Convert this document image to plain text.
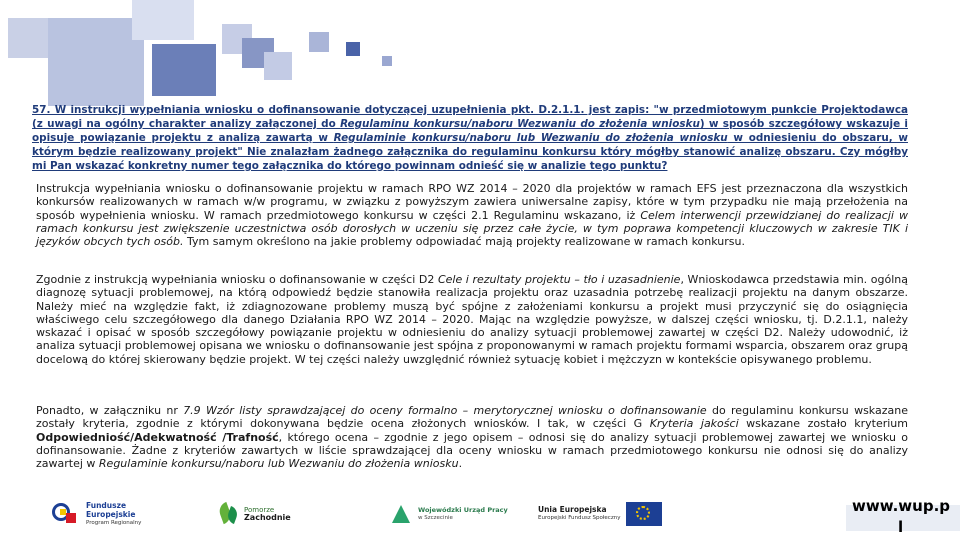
57. W instrukcji wypełniania wniosku o dofinansowanie dotyczącej uzupełnienia pkt. D.2.1.1. jest zapis: "w przedmiotowym punkcie Projektodawca (z uwagi na ogólny charakter analizy załączonej do Regulaminu konkursu/naboru Wezwaniu do złożenia wniosku) w sposób szczegółowy wskazuje i opisuje powiązanie projektu z analizą zawartą w Regulaminie konkursu/naboru lub Wezwaniu do złożenia wniosku w odniesieniu do obszaru, w którym będzie realizowany projekt" Nie znalazłam żadnego załącznika do regulaminu konkursu który mógłby stanowić analizę obszaru. Czy mógłby mi Pan wskazać konkretny numer tego załącznika do którego powinnam odnieść się w analizie tego punktu?
Instrukcja wypełniania wniosku o dofinansowanie projektu w ramach RPO WZ 2014 – 2020 dla projektów w ramach EFS jest przeznaczona dla wszystkich konkursów realizowanych w ramach w/w programu, w związku z powyższym zawiera uniwersalne zapisy, które w tym przypadku nie mają przełożenia na sposób wypełnienia wniosku. W ramach przedmiotowego konkursu w części 2.1 Regulaminu wskazano, iż Celem interwencji przewidzianej do realizacji w ramach konkursu jest zwiększenie uczestnictwa osób dorosłych w uczeniu się przez całe życie, w tym poprawa kompetencji kluczowych w zakresie TIK i języków obcych tych osób. Tym samym określono na jakie problemy odpowiadać mają projekty realizowane w ramach konkursu.
Zgodnie z instrukcją wypełniania wniosku o dofinansowanie w części D2 Cele i rezultaty projektu – tło i uzasadnienie, Wnioskodawca przedstawia min. ogólną diagnozę sytuacji problemowej, na którą odpowiedź będzie stanowiła realizacja projektu oraz uzasadnia potrzebę realizacji projektu na danym obszarze. Należy mieć na względzie fakt, iż zdiagnozowane problemy muszą być spójne z założeniami konkursu a projekt musi przyczynić się do osiągnięcia właściwego celu szczegółowego dla danego Działania RPO WZ 2014 – 2020. Mając na względzie powyższe, w dalszej części wniosku, tj. D.2.1.1, należy wskazać i opisać w sposób szczegółowy powiązanie projektu w odniesieniu do analizy sytuacji problemowej zawartej w części D2. Należy udowodnić, iż analiza sytuacji problemowej opisana we wniosku o dofinansowanie jest spójna z proponowanymi w ramach projektu formami wsparcia, obszarem oraz grupą docelową do której skierowany będzie projekt. W tej części należy uwzględnić również sytuację kobiet i mężczyzn w kontekście opisywanego problemu.
Ponadto, w załączniku nr 7.9 Wzór listy sprawdzającej do oceny formalno – merytorycznej wniosku o dofinansowanie do regulaminu konkursu wskazane zostały kryteria, zgodnie z którymi dokonywana będzie ocena złożonych wniosków. I tak, w części G Kryteria jakości wskazane zostało kryterium Odpowiedniość/Adekwatność /Trafność, którego ocena – zgodnie z jego opisem – odnosi się do analizy sytuacji problemowej zawartej we wniosku o dofinansowanie. Żadne z kryteriów zawartych w liście sprawdzającej dla oceny wniosku w ramach przedmiotowego konkursu nie odnosi się do analizy zawartej w Regulaminie konkursu/naboru lub Wezwaniu do złożenia wniosku.
Fundusze
Europejskie
Program Regionalny
Pomorze
Zachodnie
Wojewódzki Urząd Pracy
w Szczecinie
Unia Europejska
Europejski Fundusz Społeczny
www.wup.p
l
